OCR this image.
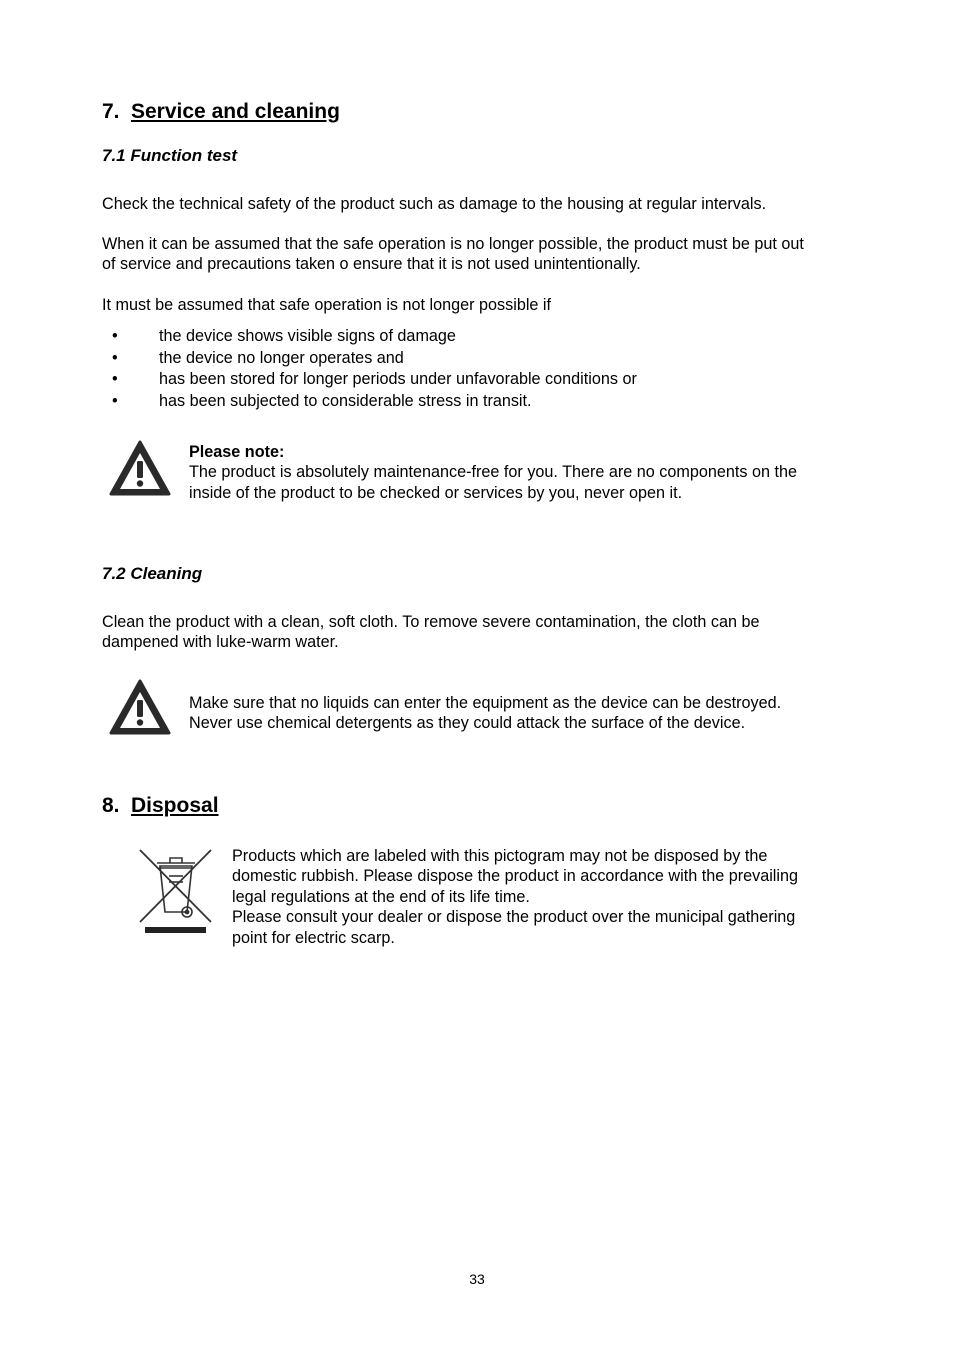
7. Service and cleaning
7.1 Function test
Check the technical safety of the product such as damage to the housing at regular intervals.
When it can be assumed that the safe operation is no longer possible, the product must be put out
of service and precautions taken o ensure that it is not used unintentionally.
It must be assumed that safe operation is not longer possible if
•	the device shows visible signs of damage
•	the device no longer operates and
•	has been stored for longer periods under unfavorable conditions or
•	has been subjected to considerable stress in transit.
Please note:
The product is absolutely maintenance-free for you. There are no components on the
inside of the product to be checked or services by you, never open it.
7.2 Cleaning
Clean the product with a clean, soft cloth. To remove severe contamination, the cloth can be
dampened with luke-warm water.
Make sure that no liquids can enter the equipment as the device can be destroyed.
Never use chemical detergents as they could attack the surface of the device.
8. Disposal
Products which are labeled with this pictogram may not be disposed by the
domestic rubbish. Please dispose the product in accordance with the prevailing
legal regulations at the end of its life time.
Please consult your dealer or dispose the product over the municipal gathering
point for electric scarp.
33
